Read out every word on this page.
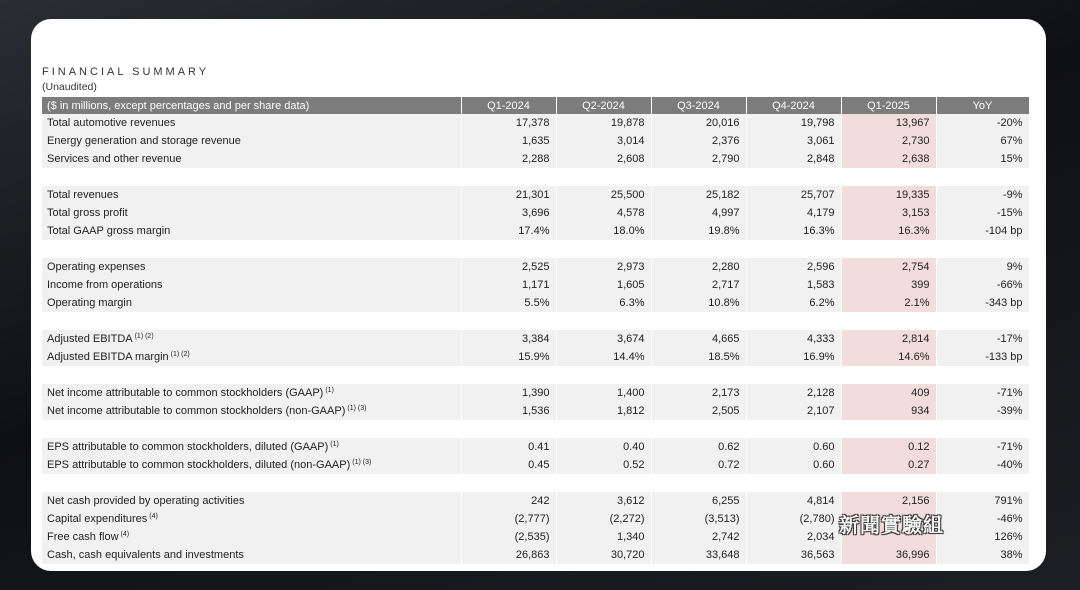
FINANCIAL SUMMARY
(Unaudited)
($ in millions, except percentages and per share data)	Q1-2024	Q2-2024	Q3-2024	Q4-2024	Q1-2025	YoY
Total automotive revenues	17,378	19,878	20,016	19,798	13,967	-20%
Energy generation and storage revenue	1,635	3,014	2,376	3,061	2,730	67%
Services and other revenue	2,288	2,608	2,790	2,848	2,638	15%

Total revenues	21,301	25,500	25,182	25,707	19,335	-9%
Total gross profit	3,696	4,578	4,997	4,179	3,153	-15%
Total GAAP gross margin	17.4%	18.0%	19.8%	16.3%	16.3%	-104 bp

Operating expenses	2,525	2,973	2,280	2,596	2,754	9%
Income from operations	1,171	1,605	2,717	1,583	399	-66%
Operating margin	5.5%	6.3%	10.8%	6.2%	2.1%	-343 bp

Adjusted EBITDA $^{(1) (2)}$	3,384	3,674	4,665	4,333	2,814	-17%
Adjusted EBITDA margin $^{(1) (2)}$	15.9%	14.4%	18.5%	16.9%	14.6%	-133 bp

Net income attributable to common stockholders (GAAP) $^{(1)}$	1,390	1,400	2,173	2,128	409	-71%
Net income attributable to common stockholders (non-GAAP) $^{(1) (3)}$	1,536	1,812	2,505	2,107	934	-39%

EPS attributable to common stockholders, diluted (GAAP) $^{(1)}$	0.41	0.40	0.62	0.60	0.12	-71%
EPS attributable to common stockholders, diluted (non-GAAP) $^{(1) (3)}$	0.45	0.52	0.72	0.60	0.27	-40%

Net cash provided by operating activities	242	3,612	6,255	4,814	2,156	791%
Capital expenditures $^{(4)}$	(2,777)	(2,272)	(3,513)	(2,780)		-46%
Free cash flow $^{(4)}$	(2,535)	1,340	2,742	2,034		126%
Cash, cash equivalents and investments	26,863	30,720	33,648	36,563	36,996	38%
新聞實驗組
